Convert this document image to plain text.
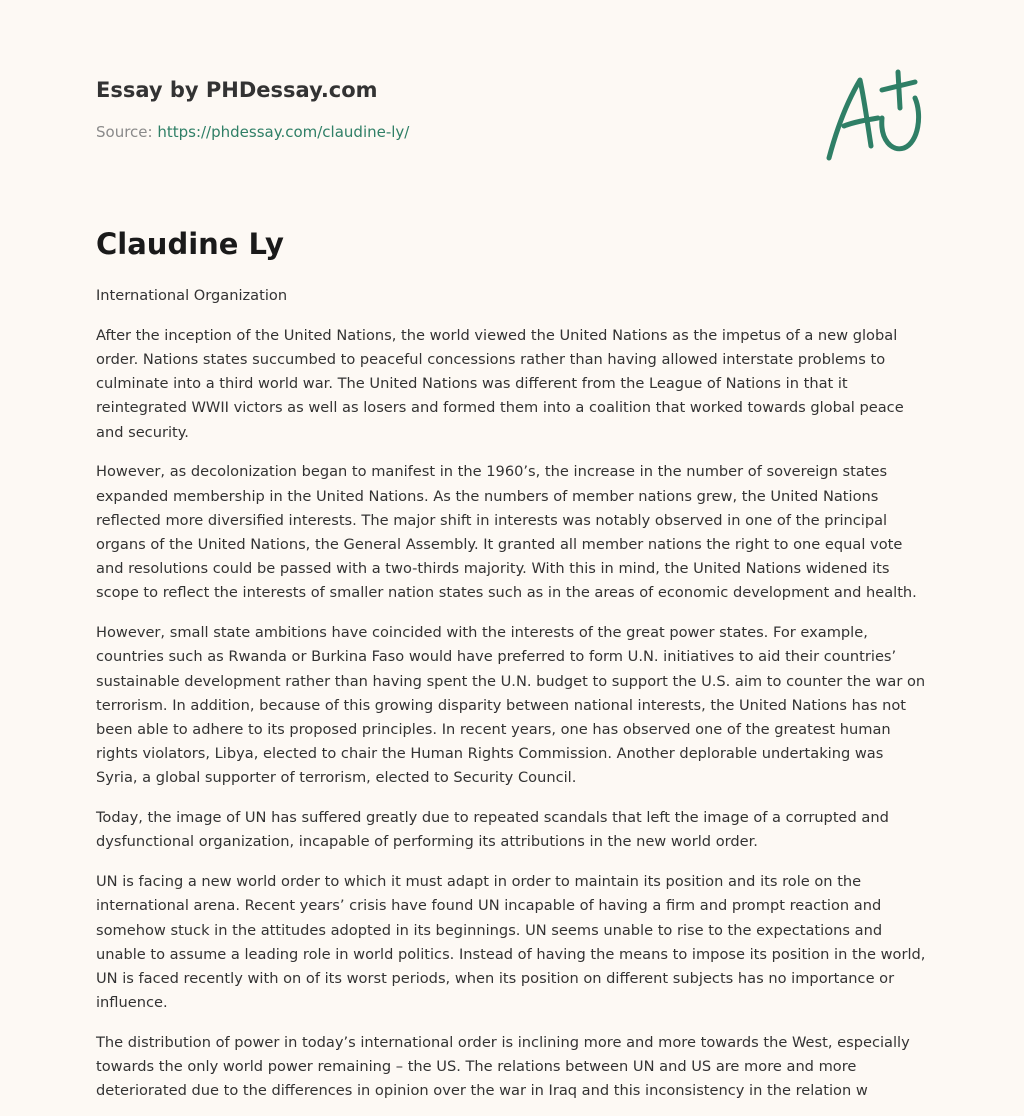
Essay by PHDessay.com
Source: https://phdessay.com/claudine-ly/
Claudine Ly

International Organization

After the inception of the United Nations, the world viewed the United Nations as the impetus of a new global order. Nations states succumbed to peaceful concessions rather than having allowed interstate problems to culminate into a third world war. The United Nations was different from the League of Nations in that it reintegrated WWII victors as well as losers and formed them into a coalition that worked towards global peace and security.

However, as decolonization began to manifest in the 1960’s, the increase in the number of sovereign states expanded membership in the United Nations. As the numbers of member nations grew, the United Nations reflected more diversified interests. The major shift in interests was notably observed in one of the principal organs of the United Nations, the General Assembly. It granted all member nations the right to one equal vote and resolutions could be passed with a two-thirds majority. With this in mind, the United Nations widened its scope to reflect the interests of smaller nation states such as in the areas of economic development and health.

However, small state ambitions have coincided with the interests of the great power states. For example, countries such as Rwanda or Burkina Faso would have preferred to form U.N. initiatives to aid their countries’ sustainable development rather than having spent the U.N. budget to support the U.S. aim to counter the war on terrorism. In addition, because of this growing disparity between national interests, the United Nations has not been able to adhere to its proposed principles. In recent years, one has observed one of the greatest human rights violators, Libya, elected to chair the Human Rights Commission. Another deplorable undertaking was Syria, a global supporter of terrorism, elected to Security Council.

Today, the image of UN has suffered greatly due to repeated scandals that left the image of a corrupted and dysfunctional organization, incapable of performing its attributions in the new world order.

UN is facing a new world order to which it must adapt in order to maintain its position and its role on the international arena. Recent years’ crisis have found UN incapable of having a firm and prompt reaction and somehow stuck in the attitudes adopted in its beginnings. UN seems unable to rise to the expectations and unable to assume a leading role in world politics. Instead of having the means to impose its position in the world, UN is faced recently with on of its worst periods, when its position on different subjects has no importance or influence.

The distribution of power in today’s international order is inclining more and more towards the West, especially towards the only world power remaining – the US. The relations between UN and US are more and more deteriorated due to the differences in opinion over the war in Iraq and this inconsistency in the relation w
